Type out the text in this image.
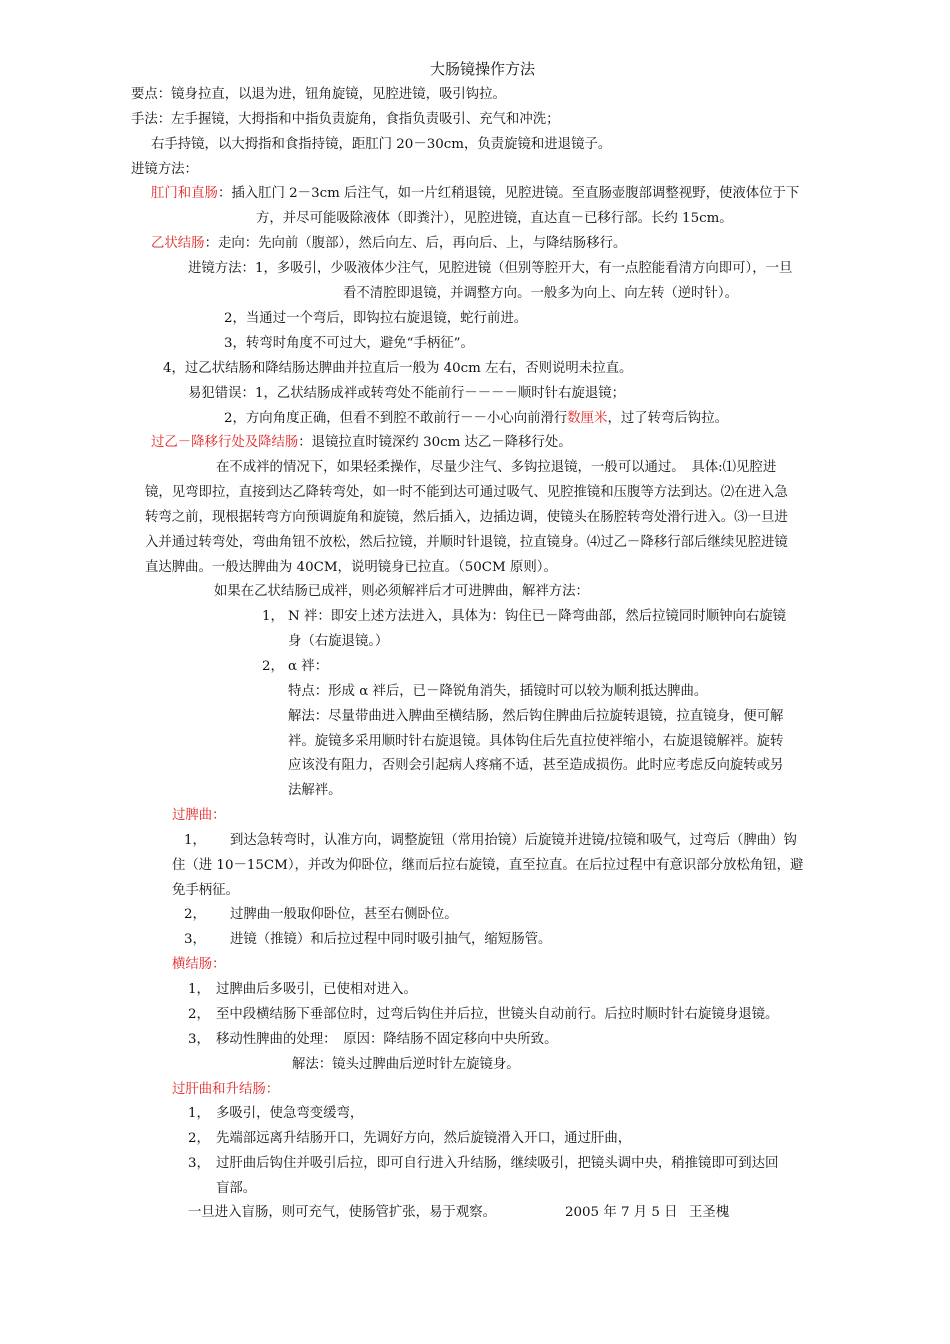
大肠镜操作方法
要点：镜身拉直，以退为进，钮角旋镜，见腔进镜，吸引钩拉。
手法：左手握镜，大拇指和中指负责旋角，食指负责吸引、充气和冲洗；
右手持镜，以大拇指和食指持镜，距肛门 20－30cm，负责旋镜和进退镜子。
进镜方法：
肛门和直肠：插入肛门 2－3cm 后注气，如一片红稍退镜，见腔进镜。至直肠壶腹部调整视野，使液体位于下
方，并尽可能吸除液体（即粪汁），见腔进镜，直达直－已移行部。长约 15cm。
乙状结肠：走向：先向前（腹部），然后向左、后，再向后、上，与降结肠移行。
进镜方法：1，多吸引，少吸液体少注气，见腔进镜（但别等腔开大，有一点腔能看清方向即可），一旦
看不清腔即退镜，并调整方向。一般多为向上、向左转（逆时针）。
2，当通过一个弯后，即钩拉右旋退镜，蛇行前进。
3，转弯时角度不可过大，避免“手柄征”。
4，过乙状结肠和降结肠达脾曲并拉直后一般为 40cm 左右，否则说明未拉直。
易犯错误：1，乙状结肠成袢或转弯处不能前行－－－－顺时针右旋退镜；
2，方向角度正确，但看不到腔不敢前行－－小心向前滑行数厘米，过了转弯后钩拉。
过乙－降移行处及降结肠：退镜拉直时镜深约 30cm 达乙－降移行处。
在不成袢的情况下，如果轻柔操作，尽量少注气、多钩拉退镜，一般可以通过。　具体:⑴见腔进
镜，见弯即拉，直接到达乙降转弯处，如一时不能到达可通过吸气、见腔推镜和压腹等方法到达。⑵在进入急
转弯之前，现根据转弯方向预调旋角和旋镜，然后插入，边插边调，使镜头在肠腔转弯处滑行进入。⑶一旦进
入并通过转弯处，弯曲角钮不放松，然后拉镜，并顺时针退镜，拉直镜身。⑷过乙－降移行部后继续见腔进镜
直达脾曲。一般达脾曲为 40CM，说明镜身已拉直。（50CM 原则）。
如果在乙状结肠已成袢，则必须解袢后才可进脾曲，解袢方法：
1， N 袢：即安上述方法进入，具体为：钩住已－降弯曲部，然后拉镜同时顺钟向右旋镜
身（右旋退镜。）
2， α 袢：
特点：形成 α 袢后，已－降锐角消失，插镜时可以较为顺利抵达脾曲。
解法：尽量带曲进入脾曲至横结肠，然后钩住脾曲后拉旋转退镜，拉直镜身，便可解
袢。旋镜多采用顺时针右旋退镜。具体钩住后先直拉使袢缩小，右旋退镜解袢。旋转
应该没有阻力，否则会引起病人疼痛不适，甚至造成损伤。此时应考虑反向旋转或另
法解袢。
过脾曲：
1， 到达急转弯时，认准方向，调整旋钮（常用抬镜）后旋镜并进镜/拉镜和吸气，过弯后（脾曲）钩
住（进 10－15CM），并改为仰卧位，继而后拉右旋镜，直至拉直。在后拉过程中有意识部分放松角钮，避
免手柄征。
2， 过脾曲一般取仰卧位，甚至右侧卧位。
3， 进镜（推镜）和后拉过程中同时吸引抽气，缩短肠管。
横结肠：
1， 过脾曲后多吸引，已使相对进入。
2， 至中段横结肠下垂部位时，过弯后钩住并后拉，世镜头自动前行。后拉时顺时针右旋镜身退镜。
3， 移动性脾曲的处理：　原因：降结肠不固定移向中央所致。
解法：镜头过脾曲后逆时针左旋镜身。
过肝曲和升结肠：
1， 多吸引，使急弯变缓弯，
2， 先端部远离升结肠开口，先调好方向，然后旋镜滑入开口，通过肝曲，
3， 过肝曲后钩住并吸引后拉，即可自行进入升结肠，继续吸引，把镜头调中央，稍推镜即可到达回
盲部。
一旦进入盲肠，则可充气，使肠管扩张，易于观察。	2005 年 7 月 5 日 王圣槐
